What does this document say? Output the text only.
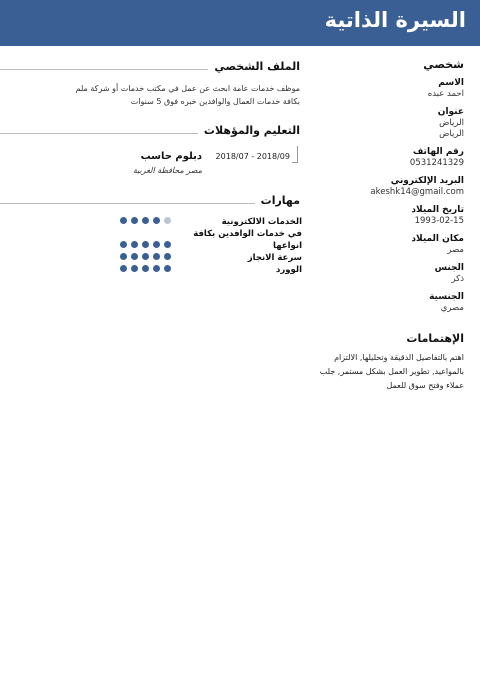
السيرة الذاتية
شخصي
الاسم
احمد عبده
عنوان
الرياض
الرياض
رقم الهاتف
0531241329
البريد الإلكتروني
akeshk14@gmail.com
تاريخ الميلاد
1993-02-15
مكان الميلاد
مصر
الجنس
ذكر
الجنسية
مصري
الإهتمامات
اهتم بالتفاصيل الدقيقة وتحليلها, الالتزام بالمواعيد, تطوير العمل بشكل مستمر, جلب عملاء وفتح سوق للعمل
الملف الشخصي
موظف خدمات عامة ابحث عن عمل في مكتب خدمات أو شركة ملم بكافة خدمات العمال والوافدين خبره فوق 5 سنوات
التعليم والمؤهلات
2018/07 - 2018/09
دبلوم حاسب
مصر محافظة الغربية
مهارات
الخدمات الالكترونية
في خدمات الوافدين بكافة انواعها
سرعة الانجاز
الوورد
